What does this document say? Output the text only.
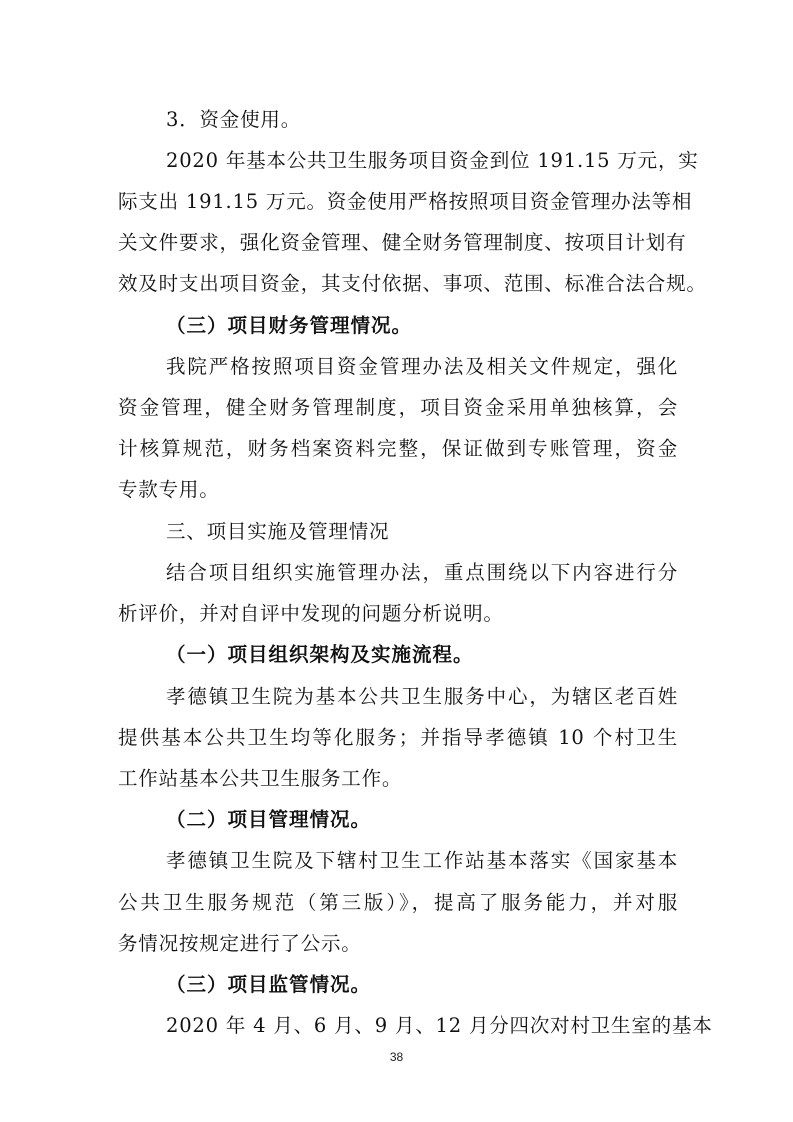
3．资金使用。
2020 年基本公共卫生服务项目资金到位 191.15 万元，实
际支出 191.15 万元。资金使用严格按照项目资金管理办法等相
关文件要求，强化资金管理、健全财务管理制度、按项目计划有
效及时支出项目资金，其支付依据、事项、范围、标准合法合规。
（三）项目财务管理情况。
我院严格按照项目资金管理办法及相关文件规定，强化
资金管理，健全财务管理制度，项目资金采用单独核算，会
计核算规范，财务档案资料完整，保证做到专账管理，资金
专款专用。
三、项目实施及管理情况
结合项目组织实施管理办法，重点围绕以下内容进行分
析评价，并对自评中发现的问题分析说明。
（一）项目组织架构及实施流程。
孝德镇卫生院为基本公共卫生服务中心，为辖区老百姓
提供基本公共卫生均等化服务；并指导孝德镇 10 个村卫生
工作站基本公共卫生服务工作。
（二）项目管理情况。
孝德镇卫生院及下辖村卫生工作站基本落实《国家基本
公共卫生服务规范（第三版）》，提高了服务能力，并对服
务情况按规定进行了公示。
（三）项目监管情况。
2020 年 4 月、6 月、9 月、12 月分四次对村卫生室的基本
38
